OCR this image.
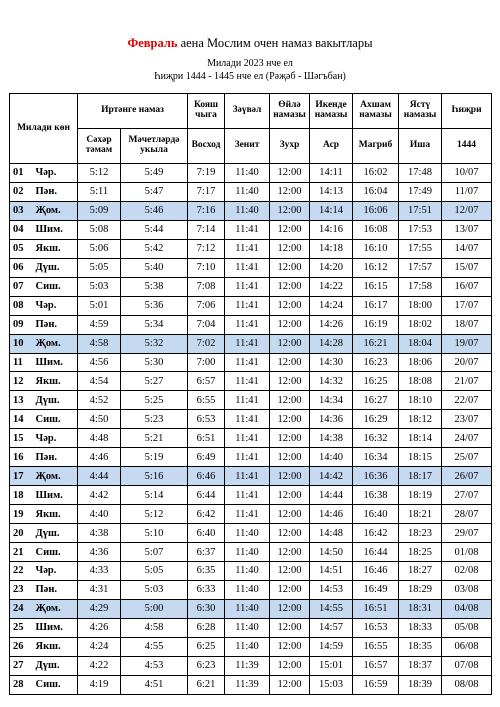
Февраль аена Мослим очен намаз вакытлары
Милади 2023 нче ел
Һиҗри 1444 - 1445 нче ел (Рәҗәб - Шәгъбан)
Милади көн		Иртәнге намаз		Кояш чыга	Зәүвәл	Өйлә намазы	Икенде намазы	Ахшам намазы	Ястү намазы	Һиҗри
		Сәхәр тәмам	Мәчетләрдә укыла	Восход	Зенит	Зухр	Аср	Магриб	Иша	1444
01	Чәр.	5:12	5:49	7:19	11:40	12:00	14:11	16:02	17:48	10/07
02	Пән.	5:11	5:47	7:17	11:40	12:00	14:13	16:04	17:49	11/07
03	Җом.	5:09	5:46	7:16	11:40	12:00	14:14	16:06	17:51	12/07
04	Шим.	5:08	5:44	7:14	11:41	12:00	14:16	16:08	17:53	13/07
05	Якш.	5:06	5:42	7:12	11:41	12:00	14:18	16:10	17:55	14/07
06	Дүш.	5:05	5:40	7:10	11:41	12:00	14:20	16:12	17:57	15/07
07	Сиш.	5:03	5:38	7:08	11:41	12:00	14:22	16:15	17:58	16/07
08	Чәр.	5:01	5:36	7:06	11:41	12:00	14:24	16:17	18:00	17/07
09	Пән.	4:59	5:34	7:04	11:41	12:00	14:26	16:19	18:02	18/07
10	Җом.	4:58	5:32	7:02	11:41	12:00	14:28	16:21	18:04	19/07
11	Шим.	4:56	5:30	7:00	11:41	12:00	14:30	16:23	18:06	20/07
12	Якш.	4:54	5:27	6:57	11:41	12:00	14:32	16:25	18:08	21/07
13	Дүш.	4:52	5:25	6:55	11:41	12:00	14:34	16:27	18:10	22/07
14	Сиш.	4:50	5:23	6:53	11:41	12:00	14:36	16:29	18:12	23/07
15	Чәр.	4:48	5:21	6:51	11:41	12:00	14:38	16:32	18:14	24/07
16	Пән.	4:46	5:19	6:49	11:41	12:00	14:40	16:34	18:15	25/07
17	Җом.	4:44	5:16	6:46	11:41	12:00	14:42	16:36	18:17	26/07
18	Шим.	4:42	5:14	6:44	11:41	12:00	14:44	16:38	18:19	27/07
19	Якш.	4:40	5:12	6:42	11:41	12:00	14:46	16:40	18:21	28/07
20	Дүш.	4:38	5:10	6:40	11:40	12:00	14:48	16:42	18:23	29/07
21	Сиш.	4:36	5:07	6:37	11:40	12:00	14:50	16:44	18:25	01/08
22	Чәр.	4:33	5:05	6:35	11:40	12:00	14:51	16:46	18:27	02/08
23	Пән.	4:31	5:03	6:33	11:40	12:00	14:53	16:49	18:29	03/08
24	Җом.	4:29	5:00	6:30	11:40	12:00	14:55	16:51	18:31	04/08
25	Шим.	4:26	4:58	6:28	11:40	12:00	14:57	16:53	18:33	05/08
26	Якш.	4:24	4:55	6:25	11:40	12:00	14:59	16:55	18:35	06/08
27	Дүш.	4:22	4:53	6:23	11:39	12:00	15:01	16:57	18:37	07/08
28	Сиш.	4:19	4:51	6:21	11:39	12:00	15:03	16:59	18:39	08/08
